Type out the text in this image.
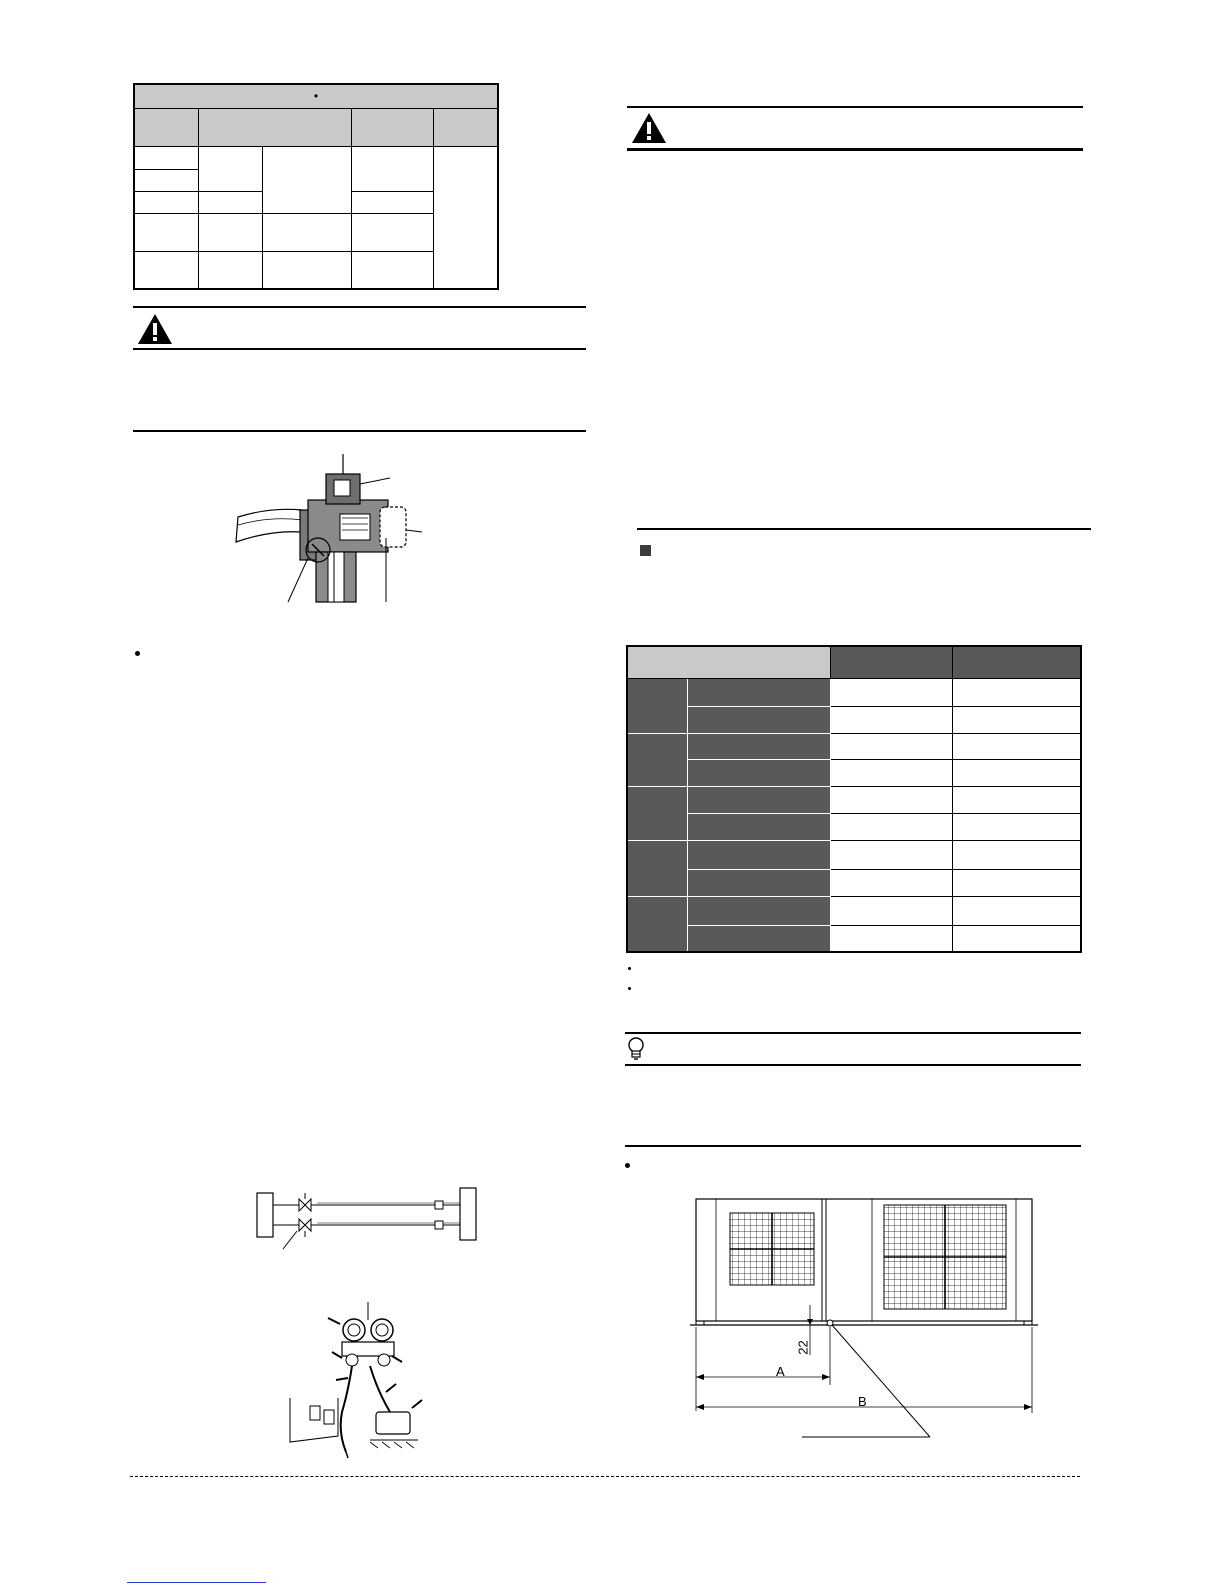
•				

A
B
22
